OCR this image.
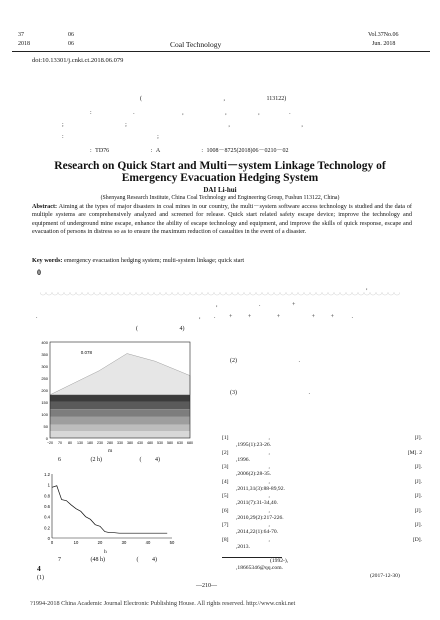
37	06
2018	06	Coal Technology
Vol.37No.06
Jun. 2018
doi:10.13301/j.cnki.ct.2018.06.079
(	,	113122)
:	.	,	,	,	.
;	;	,	,
:	;
: TD76	: A	: 1008－8725(2018)06－0210－02
Research on Quick Start and Multi－system Linkage Technology of
Emergency Evacuation Hedging System
DAI Li-hui
(Shenyang Research Institute, China Coal Technology and Engineering Group, Fushun 113122, China)
Abstract: Aiming at the types of major disasters in coal mines in our country, the multi－system software access technology is studied and the data of multiple systems are comprehensively analyzed and screened for release. Quick start related safety escape device; improve the technology and equipment of underground mine escape, enhance the ability of escape technology and equipment, and improve the skills of quick response, escape and evacuation of persons in distress so as to ensure the maximum reduction of casualties in the event of a disaster.
Key words: emergency evacuation hedging system; multi-system linkage; quick start
0
,
,	.	+
.	, . +	+	+	+	+	.
(	4)
400
350
300
250
200
150
100
50
0
−20 70 80 130 180 230 280 330 380 430 480 530 580 630 680
0.078
m
6	(2 h)	( 4)
1.2
1
0.8
0.6
0.4
0.2
0
0	10	20	30	40	50
h
7	(48 h)	( 4)
4
(1)
(2)	.
(3)	.
[1]	,	[J].

,1995(1):23-26.
[2]	,	[M]. 2

,1996.
[3]	,	[J].

,2006(2):28-35.
[4]	,	[J].

,2011,31(3):88-89,92.
[5]	,	[J].

,2011(7):31-34,40.
[6]	,	[J].

,2010,29(2):217-226.
[7]	,	[J].

,2014,22(1):64-70.
[8]	,	[D].

,2013.
(1992-),
,18665346@qq.com.
(2017-12-30)
—210—
?1994-2018 China Academic Journal Electronic Publishing House. All rights reserved. http://www.cnki.net
